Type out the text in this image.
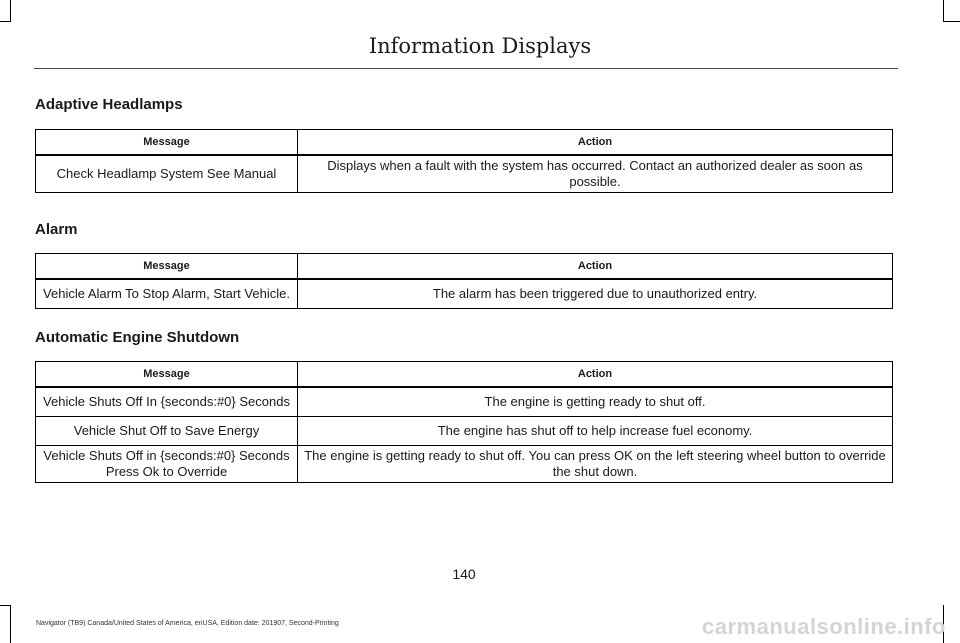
Information Displays
Adaptive Headlamps
Message	Action
Check Headlamp System See Manual	Displays when a fault with the system has occurred. Contact an authorized dealer as soon as possible.
Alarm
Message	Action
Vehicle Alarm To Stop Alarm, Start Vehicle.	The alarm has been triggered due to unauthorized entry.
Automatic Engine Shutdown
Message	Action
Vehicle Shuts Off In {seconds:#0} Seconds	The engine is getting ready to shut off.
Vehicle Shut Off to Save Energy	The engine has shut off to help increase fuel economy.
Vehicle Shuts Off in {seconds:#0} Seconds Press Ok to Override	The engine is getting ready to shut off. You can press OK on the left steering wheel button to override the shut down.
140
Navigator (TB9) Canada/United States of America, enUSA, Edition date: 201907, Second-Printing	carmanualsonline.info
